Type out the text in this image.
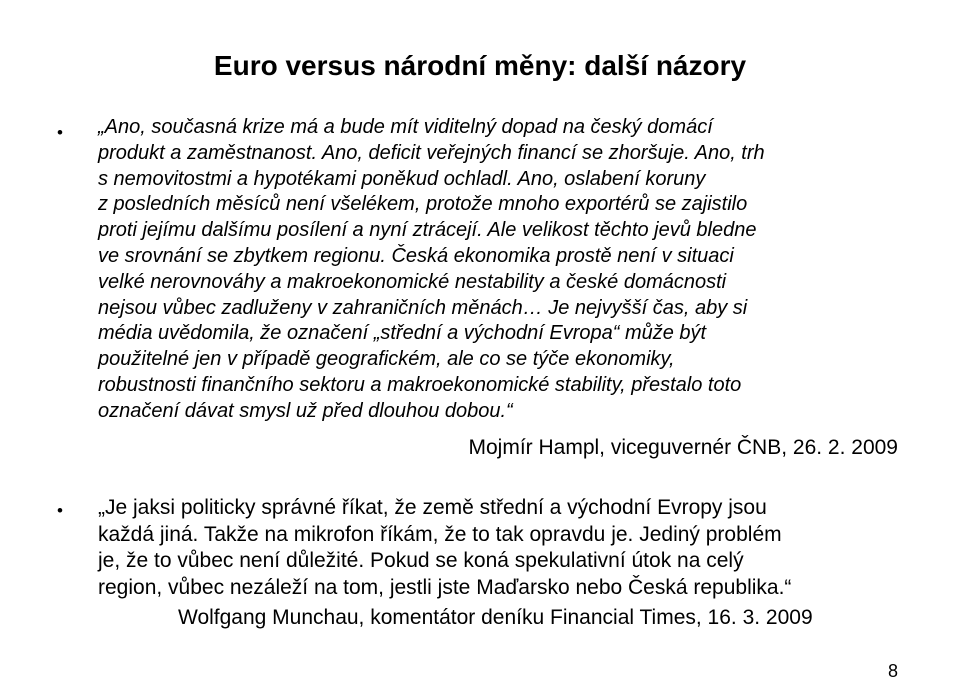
Euro versus národní měny: další názory
• „Ano, současná krize má a bude mít viditelný dopad na český domácí
produkt a zaměstnanost. Ano, deficit veřejných financí se zhoršuje. Ano, trh
s nemovitostmi a hypotékami poněkud ochladl. Ano, oslabení koruny
z posledních měsíců není všelékem, protože mnoho exportérů se zajistilo
proti jejímu dalšímu posílení a nyní ztrácejí. Ale velikost těchto jevů bledne
ve srovnání se zbytkem regionu. Česká ekonomika prostě není v situaci
velké nerovnováhy a makroekonomické nestability a české domácnosti
nejsou vůbec zadluženy v zahraničních měnách… Je nejvyšší čas, aby si
média uvědomila, že označení „střední a východní Evropa“ může být
použitelné jen v případě geografickém, ale co se týče ekonomiky,
robustnosti finančního sektoru a makroekonomické stability, přestalo toto
označení dávat smysl už před dlouhou dobou.“
Mojmír Hampl, viceguvernér ČNB, 26. 2. 2009
• „Je jaksi politicky správné říkat, že země střední a východní Evropy jsou
každá jiná. Takže na mikrofon říkám, že to tak opravdu je. Jediný problém
je, že to vůbec není důležité. Pokud se koná spekulativní útok na celý
region, vůbec nezáleží na tom, jestli jste Maďarsko nebo Česká republika.“
Wolfgang Munchau, komentátor deníku Financial Times, 16. 3. 2009
8
